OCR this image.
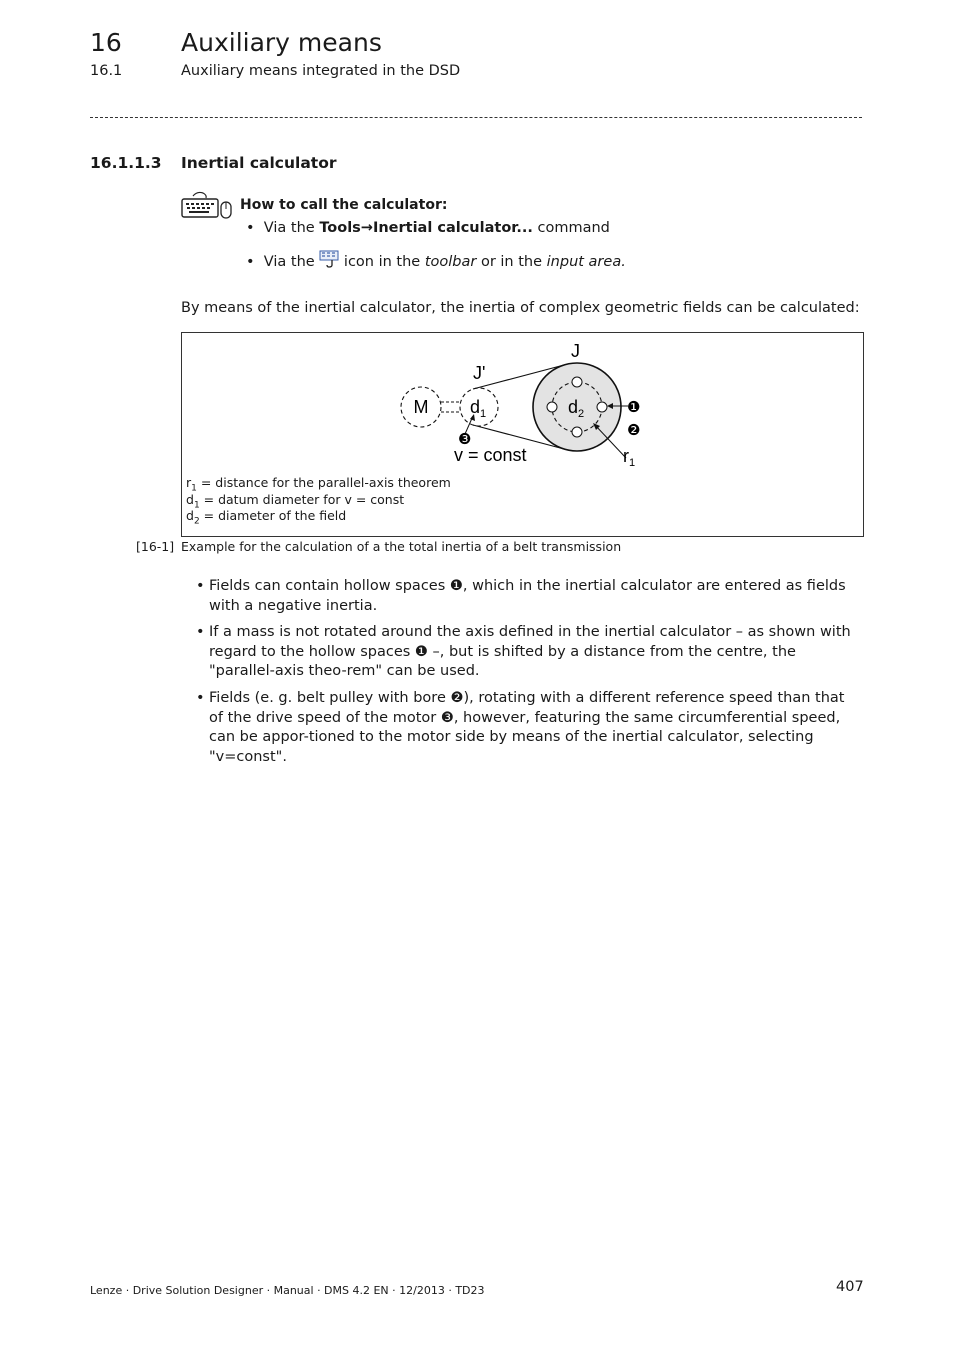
16 Auxiliary means
16.1	Auxiliary means integrated in the DSD
16.1.1.3 Inertial calculator
How to call the calculator:
• Via the Tools→Inertial calculator... command
• Via the  icon in the toolbar or in the input area.
By means of the inertial calculator, the inertia of complex geometric fields can be calculated:
M $d_1$	$d_2$
J
J'
v = const	$r_1$
❶
❷
❸
$r_1$ = distance for the parallel-axis theorem
$d_1$ = datum diameter for v = const
$d_2$ = diameter of the field
[16-1] Example for the calculation of a the total inertia of a belt transmission
• Fields can contain hollow spaces ❶, which in the inertial calculator are entered as fields with a negative inertia.
• If a mass is not rotated around the axis defined in the inertial calculator – as shown with regard to the hollow spaces ❶ –, but is shifted by a distance from the centre, the "parallel-axis theo-rem" can be used.
• Fields (e. g. belt pulley with bore ❷), rotating with a different reference speed than that of the drive speed of the motor ❸, however, featuring the same circumferential speed, can be appor-tioned to the motor side by means of the inertial calculator, selecting "v=const".
Lenze · Drive Solution Designer · Manual · DMS 4.2 EN · 12/2013 · TD23	407
